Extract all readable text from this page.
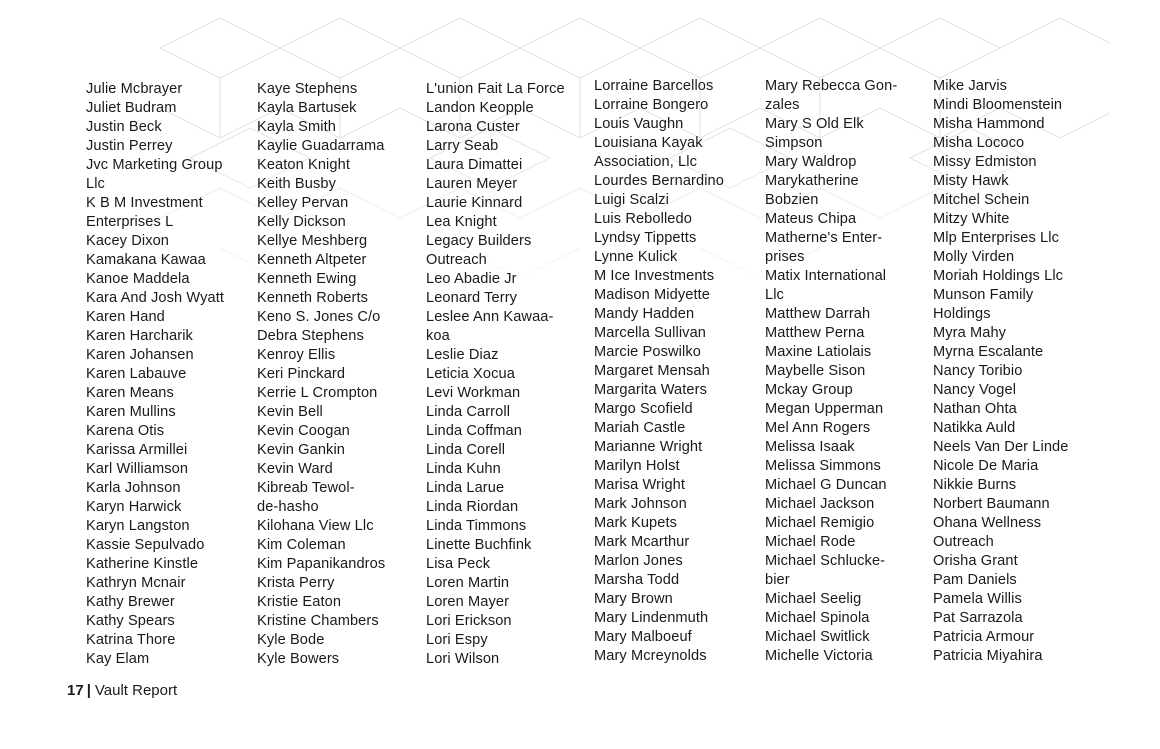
Julie Mcbrayer
Juliet Budram
Justin Beck
Justin Perrey
Jvc Marketing Group
Llc
K B M Investment
Enterprises L
Kacey Dixon
Kamakana Kawaa
Kanoe Maddela
Kara And Josh Wyatt
Karen Hand
Karen Harcharik
Karen Johansen
Karen Labauve
Karen Means
Karen Mullins
Karena Otis
Karissa Armillei
Karl Williamson
Karla Johnson
Karyn Harwick
Karyn Langston
Kassie Sepulvado
Katherine Kinstle
Kathryn Mcnair
Kathy Brewer
Kathy Spears
Katrina Thore
Kay Elam
Kaye Stephens
Kayla Bartusek
Kayla Smith
Kaylie Guadarrama
Keaton Knight
Keith Busby
Kelley Pervan
Kelly Dickson
Kellye Meshberg
Kenneth Altpeter
Kenneth Ewing
Kenneth Roberts
Keno S. Jones C/o
Debra Stephens
Kenroy Ellis
Keri Pinckard
Kerrie L Crompton
Kevin Bell
Kevin Coogan
Kevin Gankin
Kevin Ward
Kibreab Tewol-
de-hasho
Kilohana View Llc
Kim Coleman
Kim Papanikandros
Krista Perry
Kristie Eaton
Kristine Chambers
Kyle Bode
Kyle Bowers
L'union Fait La Force
Landon Keopple
Larona Custer
Larry Seab
Laura Dimattei
Lauren Meyer
Laurie Kinnard
Lea Knight
Legacy Builders
Outreach
Leo Abadie Jr
Leonard Terry
Leslee Ann Kawaa-
koa
Leslie Diaz
Leticia Xocua
Levi Workman
Linda Carroll
Linda Coffman
Linda Corell
Linda Kuhn
Linda Larue
Linda Riordan
Linda Timmons
Linette Buchfink
Lisa Peck
Loren Martin
Loren Mayer
Lori Erickson
Lori Espy
Lori Wilson
Lorraine Barcellos
Lorraine Bongero
Louis Vaughn
Louisiana Kayak
Association, Llc
Lourdes Bernardino
Luigi Scalzi
Luis Rebolledo
Lyndsy Tippetts
Lynne Kulick
M Ice Investments
Madison Midyette
Mandy Hadden
Marcella Sullivan
Marcie Poswilko
Margaret Mensah
Margarita Waters
Margo Scofield
Mariah Castle
Marianne Wright
Marilyn Holst
Marisa Wright
Mark Johnson
Mark Kupets
Mark Mcarthur
Marlon Jones
Marsha Todd
Mary Brown
Mary Lindenmuth
Mary Malboeuf
Mary Mcreynolds
Mary Rebecca Gon-
zales
Mary S Old Elk
Simpson
Mary Waldrop
Marykatherine
Bobzien
Mateus Chipa
Matherne's Enter-
prises
Matix International
Llc
Matthew Darrah
Matthew Perna
Maxine Latiolais
Maybelle Sison
Mckay Group
Megan Upperman
Mel Ann Rogers
Melissa Isaak
Melissa Simmons
Michael G Duncan
Michael Jackson
Michael Remigio
Michael Rode
Michael Schlucke-
bier
Michael Seelig
Michael Spinola
Michael Switlick
Michelle Victoria
Mike Jarvis
Mindi Bloomenstein
Misha Hammond
Misha Lococo
Missy Edmiston
Misty Hawk
Mitchel Schein
Mitzy White
Mlp Enterprises Llc
Molly Virden
Moriah Holdings Llc
Munson Family
Holdings
Myra Mahy
Myrna Escalante
Nancy Toribio
Nancy Vogel
Nathan Ohta
Natikka Auld
Neels Van Der Linde
Nicole De Maria
Nikkie Burns
Norbert Baumann
Ohana Wellness
Outreach
Orisha Grant
Pam Daniels
Pamela Willis
Pat Sarrazola
Patricia Armour
Patricia Miyahira
17 | Vault Report
